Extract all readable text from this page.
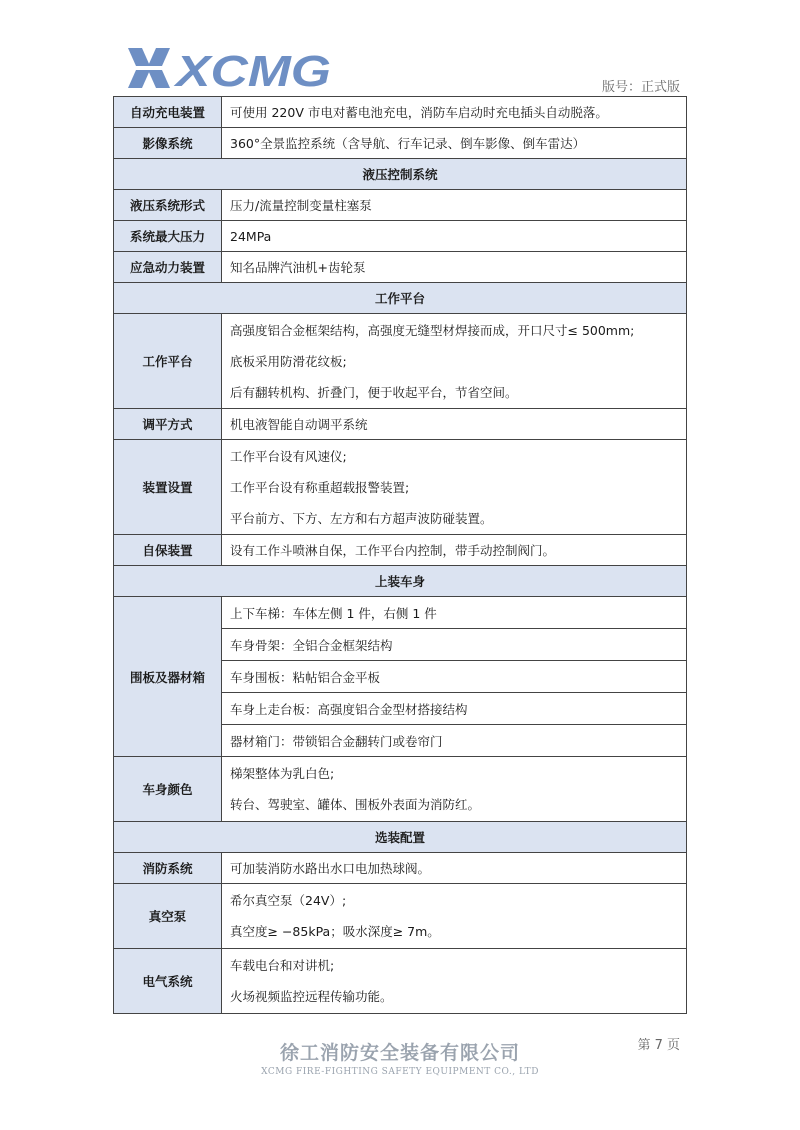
XCMG	版号：正式版
自动充电装置	可使用 220V 市电对蓄电池充电，消防车启动时充电插头自动脱落。
影像系统	360°全景监控系统（含导航、行车记录、倒车影像、倒车雷达）
液压控制系统	
液压系统形式	压力/流量控制变量柱塞泵
系统最大压力	24MPa
应急动力装置	知名品牌汽油机+齿轮泵
工作平台	
工作平台	高强度铝合金框架结构，高强度无缝型材焊接而成，开口尺寸≤ 500mm;
底板采用防滑花纹板;
后有翻转机构、折叠门，便于收起平台，节省空间。

调平方式	机电液智能自动调平系统
装置设置	工作平台设有风速仪;
工作平台设有称重超载报警装置;
平台前方、下方、左方和右方超声波防碰装置。

自保装置	设有工作斗喷淋自保，工作平台内控制，带手动控制阀门。
上装车身	
围板及器材箱	上下车梯：车体左侧 1 件，右侧 1 件
	车身骨架：全铝合金框架结构
	车身围板：粘帖铝合金平板
	车身上走台板：高强度铝合金型材搭接结构
	器材箱门：带锁铝合金翻转门或卷帘门
车身颜色	梯架整体为乳白色;
转台、驾驶室、罐体、围板外表面为消防红。

选装配置	
消防系统	可加装消防水路出水口电加热球阀。
真空泵	希尔真空泵（24V）;
真空度≥ −85kPa；吸水深度≥ 7m。

电气系统	车载电台和对讲机;
火场视频监控远程传输功能。
第 7 页
徐工消防安全装备有限公司
XCMG FIRE-FIGHTING SAFETY EQUIPMENT CO., LTD
